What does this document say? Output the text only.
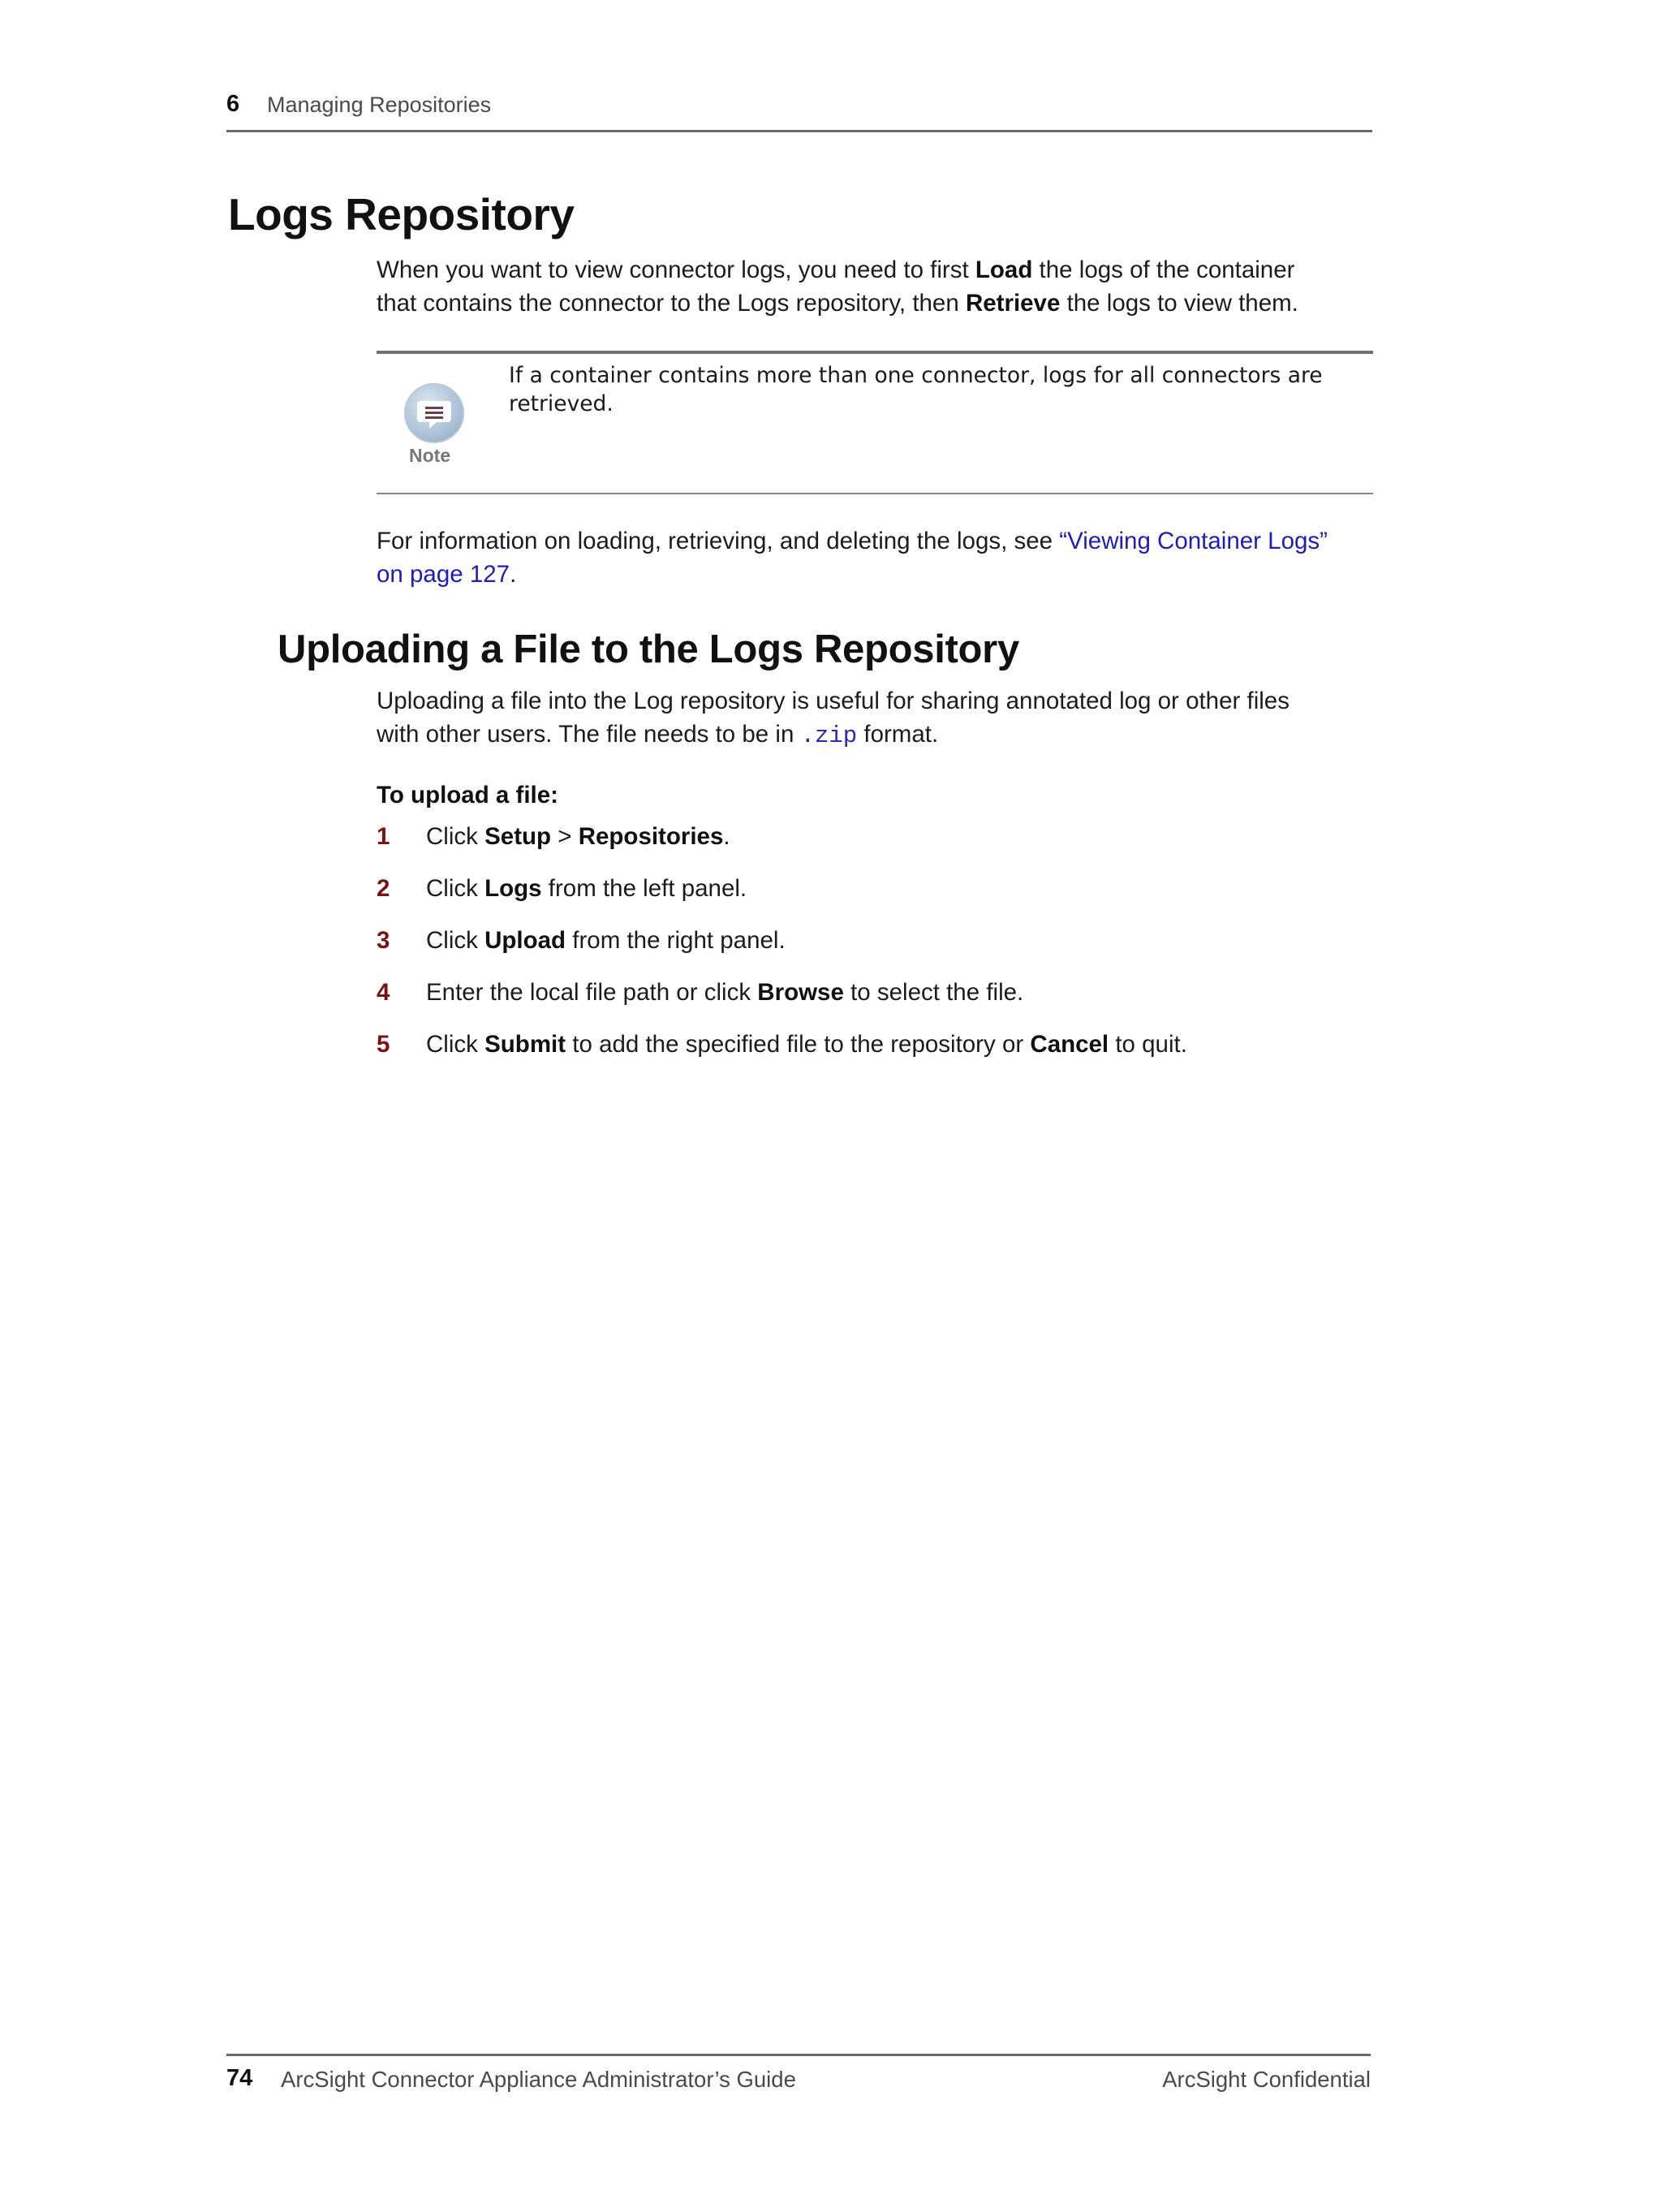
6 Managing Repositories
Logs Repository
When you want to view connector logs, you need to first Load the logs of the container
that contains the connector to the Logs repository, then Retrieve the logs to view them.
Note
If a container contains more than one connector, logs for all connectors are
retrieved.
For information on loading, retrieving, and deleting the logs, see “Viewing Container Logs”
on page 127.
Uploading a File to the Logs Repository
Uploading a file into the Log repository is useful for sharing annotated log or other files
with other users. The file needs to be in .zip format.
To upload a file:
1	Click Setup > Repositories.
2	Click Logs from the left panel.
3	Click Upload from the right panel.
4	Enter the local file path or click Browse to select the file.
5	Click Submit to add the specified file to the repository or Cancel to quit.
74 ArcSight Connector Appliance Administrator’s Guide	ArcSight Confidential
